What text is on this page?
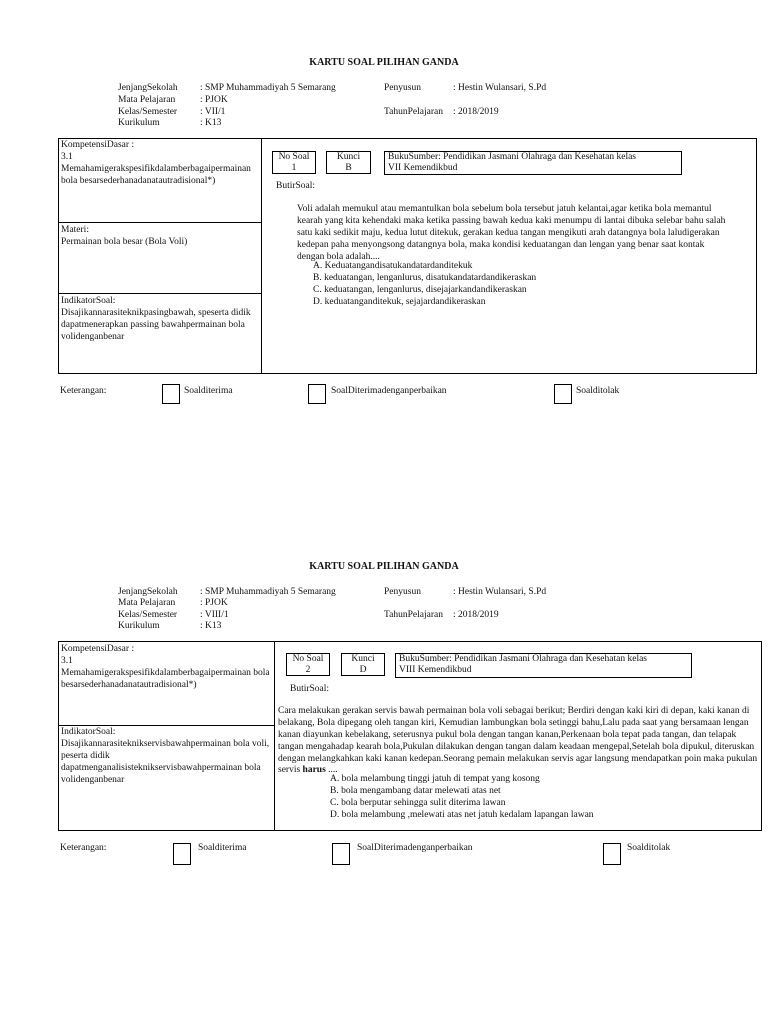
KARTU SOAL PILIHAN GANDA
JenjangSekolah : SMP Muhammadiyah 5 Semarang
Mata Pelajaran	: PJOK
Kelas/Semester : VII/1
Kurikulum	: K13
Penyusun	: Hestin Wulansari, S.Pd
TahunPelajaran : 2018/2019
KompetensiDasar :
3.1
Memahamigerakspesifikdalamberbagaipermainan bola besarsederhanadanatautradisional*)
Materi:
Permainan bola besar (Bola Voli)
IndikatorSoal:
Disajikannarasiteknikpasingbawah, speserta didik dapatmenerapkan passing bawahpermainan bola volidenganbenar
No Soal
1
Kunci
B
BukuSumber: Pendidikan Jasmani Olahraga dan Kesehatan kelas
VII Kemendikbud
ButirSoal:
Voli adalah memukul atau memantulkan bola sebelum bola tersebut jatuh kelantai,agar ketika bola memantul kearah yang kita kehendaki maka ketika passing bawah kedua kaki menumpu di lantai dibuka selebar bahu salah satu kaki sedikit maju, kedua lutut ditekuk, gerakan kedua tangan mengikuti arah datangnya bola laludigerakan kedepan paha menyongsong datangnya bola, maka kondisi keduatangan dan lengan yang benar saat kontak dengan bola adalah....
A. Keduatangandisatukandatardanditekuk
B. keduatangan, lenganlurus, disatukandatardandikeraskan
C. keduatangan, lenganlurus, disejajarkandandikeraskan
D. keduatanganditekuk, sejajardandikeraskan
Keterangan:	Soalditerima	SoalDiterimadenganperbaikan	Soalditolak
KARTU SOAL PILIHAN GANDA
JenjangSekolah : SMP Muhammadiyah 5 Semarang
Mata Pelajaran	: PJOK
Kelas/Semester : VIII/1
Kurikulum	: K13
Penyusun	: Hestin Wulansari, S.Pd
TahunPelajaran : 2018/2019
KompetensiDasar :
3.1
Memahamigerakspesifikdalamberbagaipermainan bola besarsederhanadanatautradisional*)
IndikatorSoal:
Disajikannarasiteknikservisbawahpermainan bola voli, peserta didik dapatmenganalisisteknikservisbawahpermainan bola volidenganbenar
No Soal
2
Kunci
D
BukuSumber: Pendidikan Jasmani Olahraga dan Kesehatan kelas
VIII Kemendikbud
ButirSoal:
Cara melakukan gerakan servis bawah permainan bola voli sebagai berikut; Berdiri dengan kaki kiri di depan, kaki kanan di belakang, Bola dipegang oleh tangan kiri, Kemudian lambungkan bola setinggi bahu,Lalu pada saat yang bersamaan lengan kanan diayunkan kebelakang, seterusnya pukul bola dengan tangan kanan,Perkenaan bola tepat pada tangan, dan telapak tangan mengahadap kearah bola,Pukulan dilakukan dengan tangan dalam keadaan mengepal,Setelah bola dipukul, diteruskan dengan melangkahkan kaki kanan kedepan.Seorang pemain melakukan servis agar langsung mendapatkan poin maka pukulan servis harus ....
A. bola melambung tinggi jatuh di tempat yang kosong
B. bola mengambang datar melewati atas net
C. bola berputar sehingga sulit diterima lawan
D. bola melambung ,melewati atas net jatuh kedalam lapangan lawan
Keterangan:	Soalditerima	SoalDiterimadenganperbaikan	Soalditolak
